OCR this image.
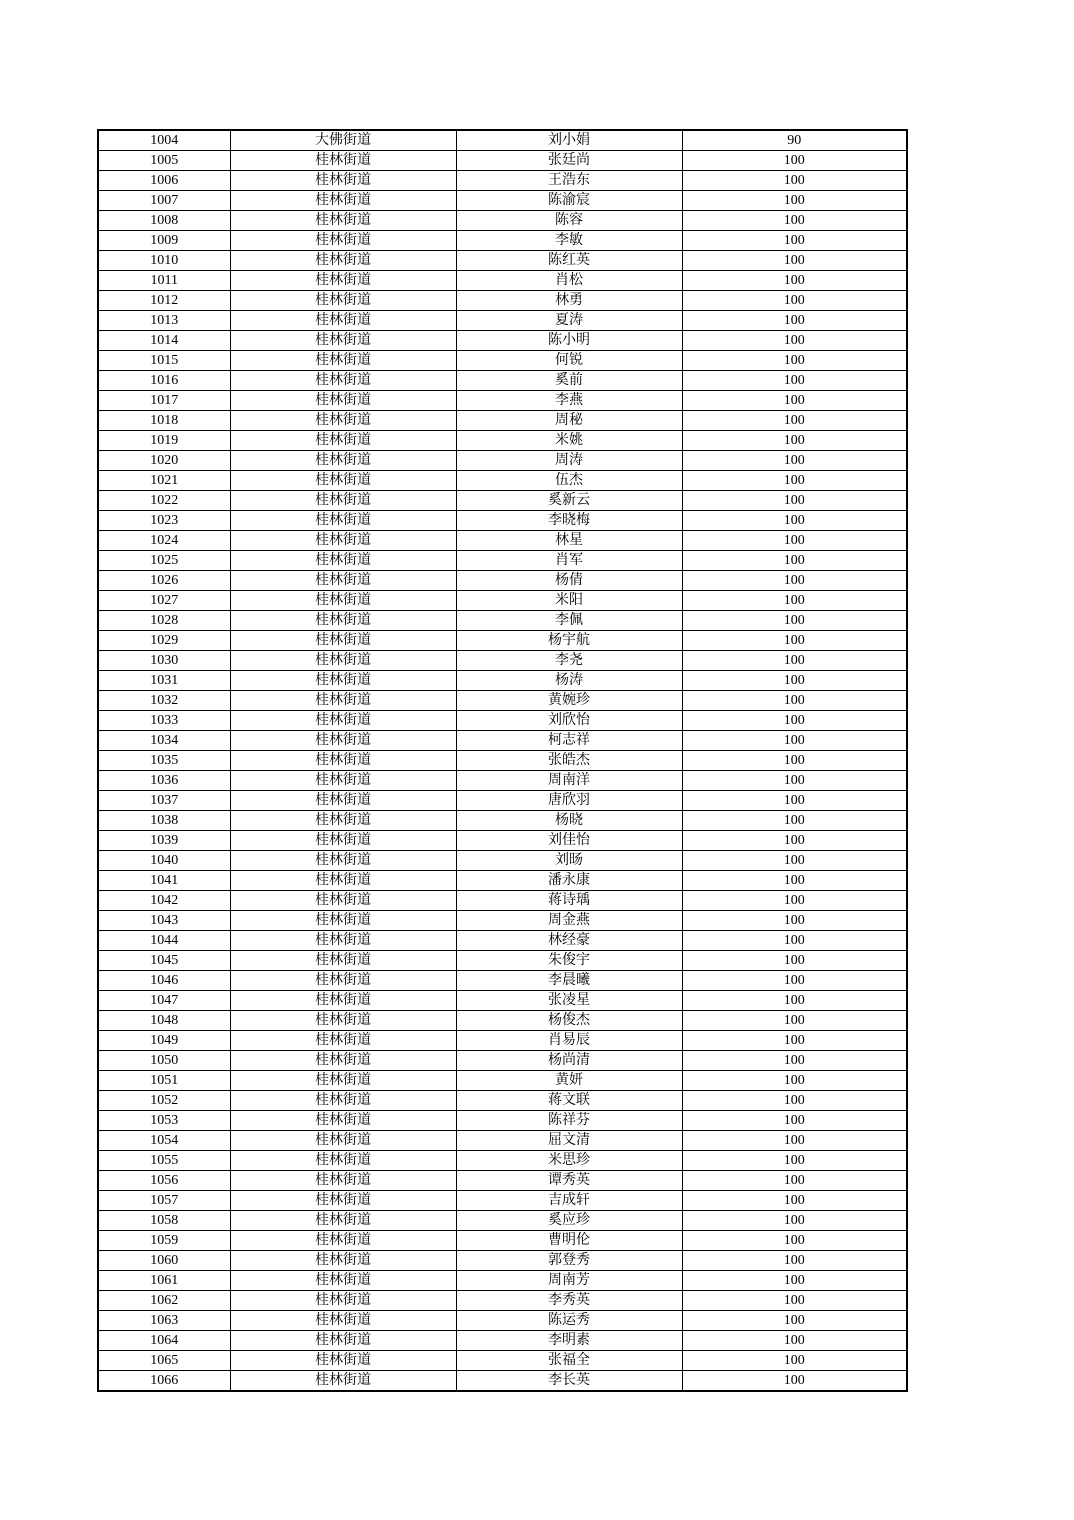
1004	大佛街道	刘小娟	90
1005	桂林街道	张廷尚	100
1006	桂林街道	王浩东	100
1007	桂林街道	陈渝宸	100
1008	桂林街道	陈容	100
1009	桂林街道	李敏	100
1010	桂林街道	陈红英	100
1011	桂林街道	肖松	100
1012	桂林街道	林勇	100
1013	桂林街道	夏涛	100
1014	桂林街道	陈小明	100
1015	桂林街道	何锐	100
1016	桂林街道	奚前	100
1017	桂林街道	李燕	100
1018	桂林街道	周秘	100
1019	桂林街道	米姚	100
1020	桂林街道	周涛	100
1021	桂林街道	伍杰	100
1022	桂林街道	奚新云	100
1023	桂林街道	李晓梅	100
1024	桂林街道	林星	100
1025	桂林街道	肖军	100
1026	桂林街道	杨倩	100
1027	桂林街道	米阳	100
1028	桂林街道	李佩	100
1029	桂林街道	杨宇航	100
1030	桂林街道	李尧	100
1031	桂林街道	杨涛	100
1032	桂林街道	黄婉珍	100
1033	桂林街道	刘欣怡	100
1034	桂林街道	柯志祥	100
1035	桂林街道	张皓杰	100
1036	桂林街道	周南洋	100
1037	桂林街道	唐欣羽	100
1038	桂林街道	杨晓	100
1039	桂林街道	刘佳怡	100
1040	桂林街道	刘旸	100
1041	桂林街道	潘永康	100
1042	桂林街道	蒋诗瑀	100
1043	桂林街道	周金燕	100
1044	桂林街道	林经豪	100
1045	桂林街道	朱俊宇	100
1046	桂林街道	李晨曦	100
1047	桂林街道	张凌星	100
1048	桂林街道	杨俊杰	100
1049	桂林街道	肖易辰	100
1050	桂林街道	杨尚清	100
1051	桂林街道	黄妍	100
1052	桂林街道	蒋文联	100
1053	桂林街道	陈祥芬	100
1054	桂林街道	屈文清	100
1055	桂林街道	米思珍	100
1056	桂林街道	谭秀英	100
1057	桂林街道	吉成轩	100
1058	桂林街道	奚应珍	100
1059	桂林街道	曹明伦	100
1060	桂林街道	郭登秀	100
1061	桂林街道	周南芳	100
1062	桂林街道	李秀英	100
1063	桂林街道	陈运秀	100
1064	桂林街道	李明素	100
1065	桂林街道	张福全	100
1066	桂林街道	李长英	100
